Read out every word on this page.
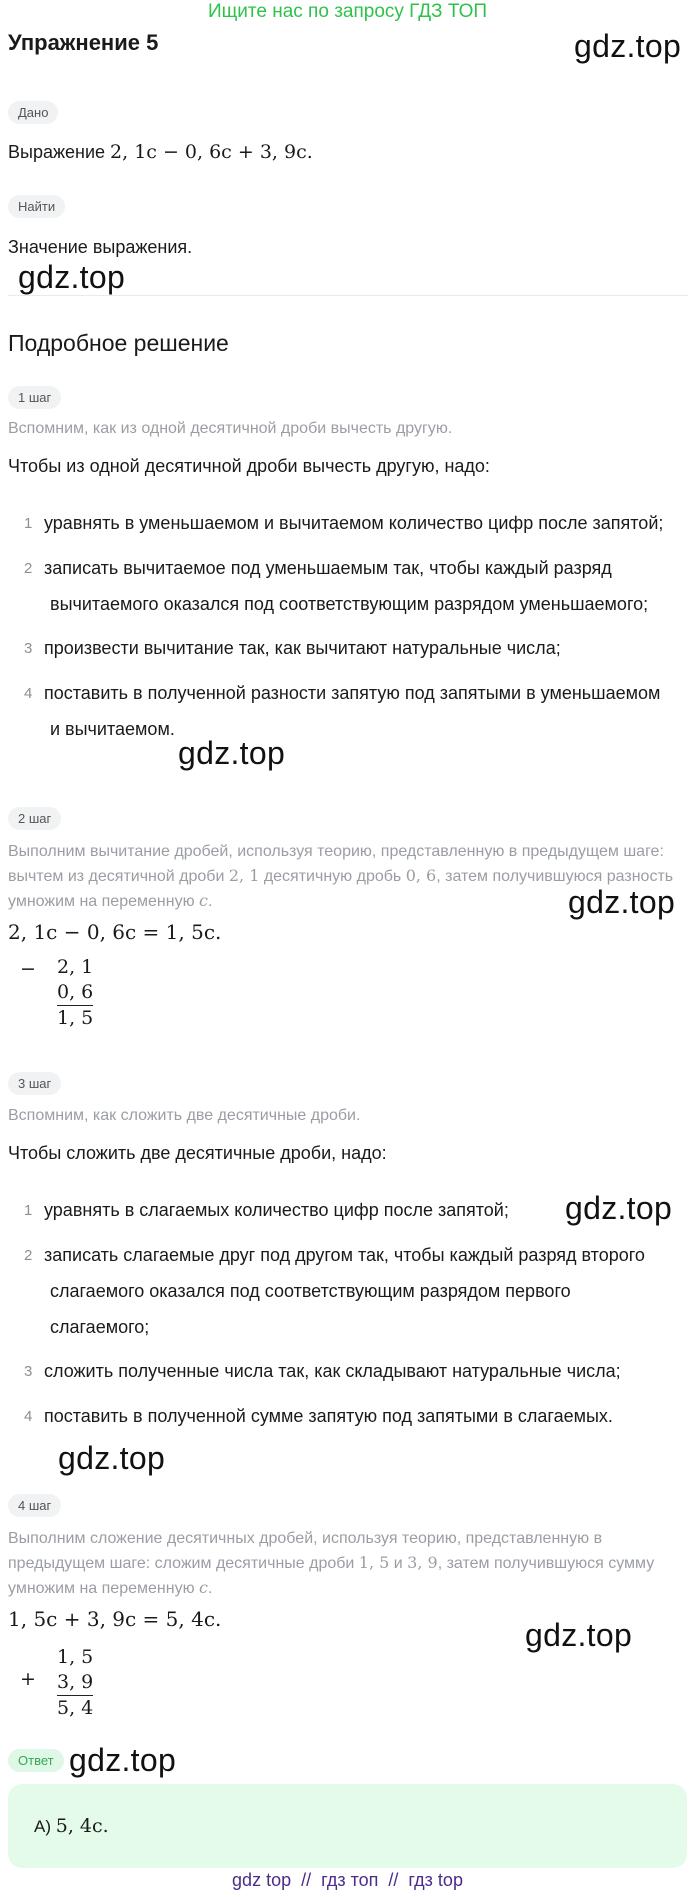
Ищите нас по запросу ГДЗ ТОП
Упражнение 5	gdz.top
Дано
Выражение 2, 1c − 0, 6c + 3, 9c.
Найти
Значение выражения.
gdz.top
Подробное решение
1 шаг
Вспомним, как из одной десятичной дроби вычесть другую.
Чтобы из одной десятичной дроби вычесть другую, надо:
1 уравнять в уменьшаемом и вычитаемом количество цифр после запятой;
2 записать вычитаемое под уменьшаемым так, чтобы каждый разряд
вычитаемого оказался под соответствующим разрядом уменьшаемого;
3 произвести вычитание так, как вычитают натуральные числа;
4 поставить в полученной разности запятую под запятыми в уменьшаемом
и вычитаемом.
gdz.top
2 шаг
Выполним вычитание дробей, используя теорию, представленную в предыдущем шаге:
вычтем из десятичной дроби 2, 1 десятичную дробь 0, 6, затем получившуюся разность
умножим на переменную c.	gdz.top
2, 1c − 0, 6c = 1, 5c.
− 2, 1
0, 6
1, 5
3 шаг
Вспомним, как сложить две десятичные дроби.
Чтобы сложить две десятичные дроби, надо:
1 уравнять в слагаемых количество цифр после запятой; gdz.top
2 записать слагаемые друг под другом так, чтобы каждый разряд второго
слагаемого оказался под соответствующим разрядом первого
слагаемого;
3 сложить полученные числа так, как складывают натуральные числа;
4 поставить в полученной сумме запятую под запятыми в слагаемых.
gdz.top
4 шаг
Выполним сложение десятичных дробей, используя теорию, представленную в
предыдущем шаге: сложим десятичные дроби 1, 5 и 3, 9, затем получившуюся сумму
умножим на переменную c.
1, 5c + 3, 9c = 5, 4c.	gdz.top
+
1, 5
3, 9
5, 4
Ответ gdz.top
А) 5, 4c.
gdz top  //  гдз топ  //  гдз top
